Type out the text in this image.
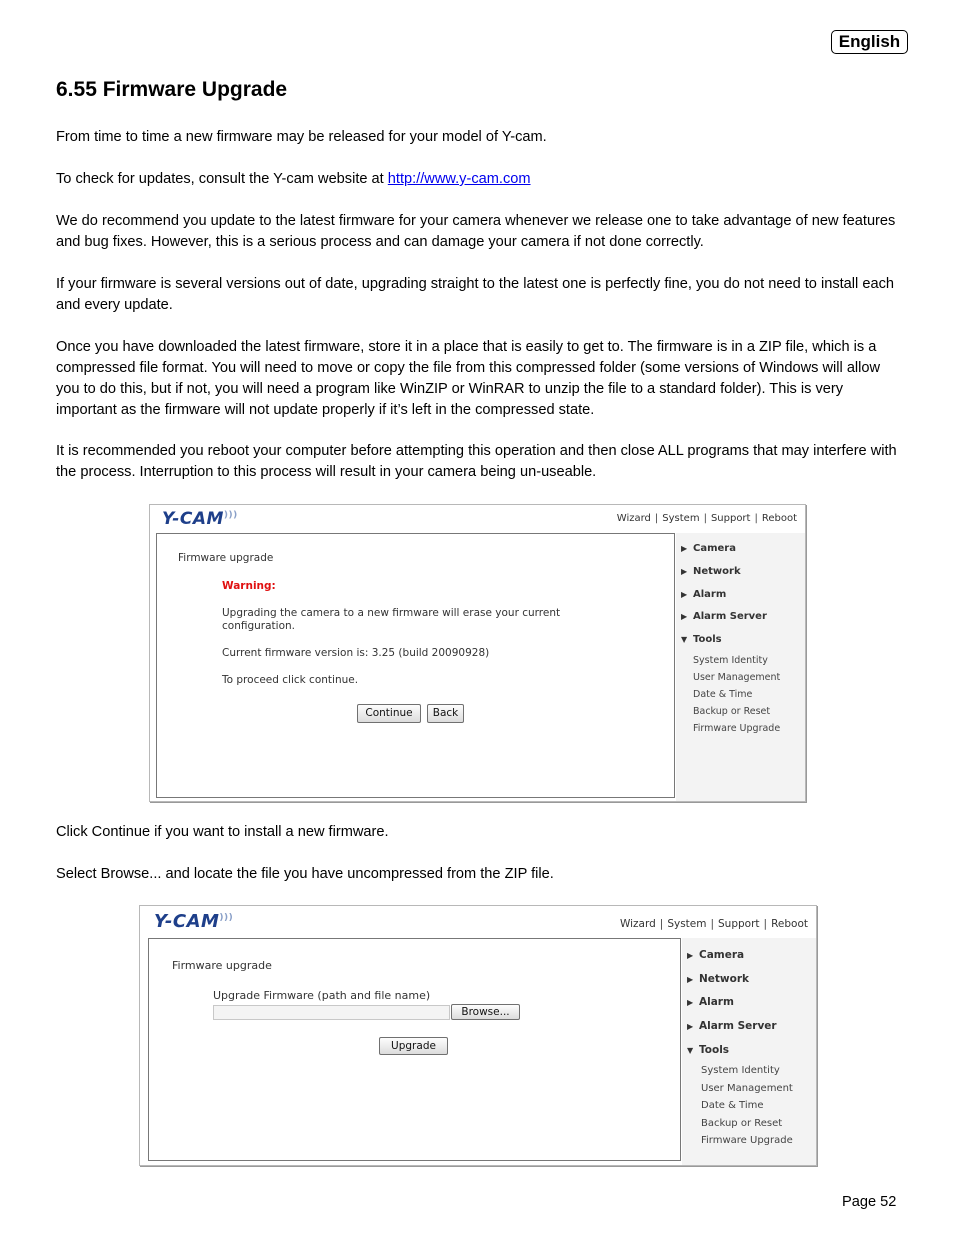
English
6.55 Firmware Upgrade

From time to time a new firmware may be released for your model of Y-cam.

To check for updates, consult the Y-cam website at http://www.y-cam.com

We do recommend you update to the latest firmware for your camera whenever we release one to take advantage of new features and bug fixes. However, this is a serious process and can damage your camera if not done correctly.

If your firmware is several versions out of date, upgrading straight to the latest one is perfectly fine, you do not need to install each and every update.

Once you have downloaded the latest firmware, store it in a place that is easily to get to. The firmware is in a ZIP file, which is a compressed file format. You will need to move or copy the file from this compressed folder (some versions of Windows will allow you to do this, but if not, you will need a program like WinZIP or WinRAR to unzip the file to a standard folder). This is very important as the firmware will not update properly if it’s left in the compressed state.

It is recommended you reboot your computer before attempting this operation and then close ALL programs that may interfere with the process. Interruption to this process will result in your camera being un-useable.

Y-CAM)))	Wizard | System | Support | Reboot
Firmware upgrade
Warning:
Upgrading the camera to a new firmware will erase your current
configuration.
Current firmware version is: 3.25 (build 20090928)
To proceed click continue.
Continue	Back
▶ Camera
▶ Network
▶ Alarm
▶ Alarm Server
▼ Tools
System Identity
User Management
Date & Time
Backup or Reset
Firmware Upgrade

Click Continue if you want to install a new firmware.

Select Browse... and locate the file you have uncompressed from the ZIP file.

Y-CAM)))	Wizard | System | Support | Reboot
Firmware upgrade
Upgrade Firmware (path and file name)
Browse...
Upgrade
▶ Camera
▶ Network
▶ Alarm
▶ Alarm Server
▼ Tools
System Identity
User Management
Date & Time
Backup or Reset
Firmware Upgrade
Page 52
